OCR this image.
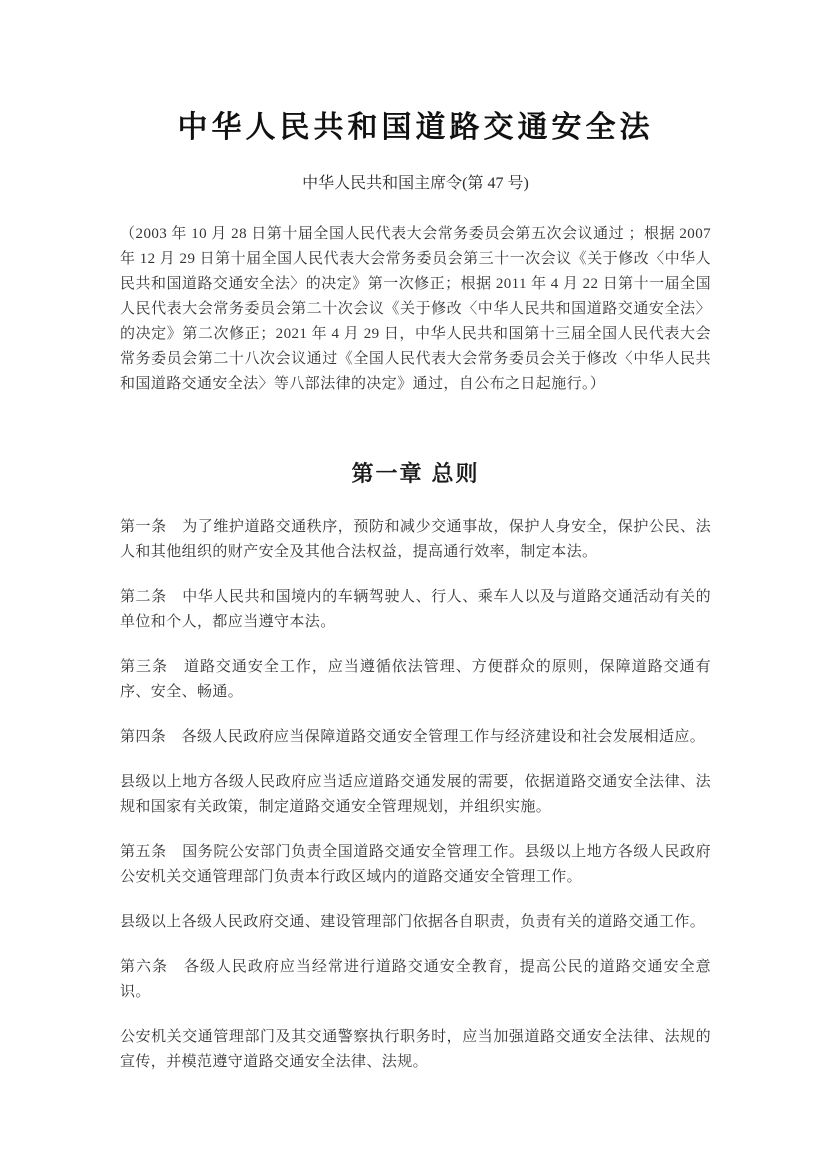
中华人民共和国道路交通安全法
中华人民共和国主席令(第 47 号)

（2003 年 10 月 28 日第十届全国人民代表大会常务委员会第五次会议通过 ；根据 2007 年 12 月 29 日第十届全国人民代表大会常务委员会第三十一次会议《关于修改〈中华人民共和国道路交通安全法〉的决定》第一次修正；根据 2011 年 4 月 22 日第十一届全国人民代表大会常务委员会第二十次会议《关于修改〈中华人民共和国道路交通安全法〉的决定》第二次修正；2021 年 4 月 29 日，中华人民共和国第十三届全国人民代表大会常务委员会第二十八次会议通过《全国人民代表大会常务委员会关于修改〈中华人民共和国道路交通安全法〉等八部法律的决定》通过，自公布之日起施行。）

第一章 总则

第一条　为了维护道路交通秩序，预防和减少交通事故，保护人身安全，保护公民、法人和其他组织的财产安全及其他合法权益，提高通行效率，制定本法。

第二条　中华人民共和国境内的车辆驾驶人、行人、乘车人以及与道路交通活动有关的单位和个人，都应当遵守本法。

第三条　道路交通安全工作，应当遵循依法管理、方便群众的原则，保障道路交通有序、安全、畅通。

第四条　各级人民政府应当保障道路交通安全管理工作与经济建设和社会发展相适应。

县级以上地方各级人民政府应当适应道路交通发展的需要，依据道路交通安全法律、法规和国家有关政策，制定道路交通安全管理规划，并组织实施。

第五条　国务院公安部门负责全国道路交通安全管理工作。县级以上地方各级人民政府公安机关交通管理部门负责本行政区域内的道路交通安全管理工作。

县级以上各级人民政府交通、建设管理部门依据各自职责，负责有关的道路交通工作。

第六条　各级人民政府应当经常进行道路交通安全教育，提高公民的道路交通安全意识。

公安机关交通管理部门及其交通警察执行职务时，应当加强道路交通安全法律、法规的宣传，并模范遵守道路交通安全法律、法规。
